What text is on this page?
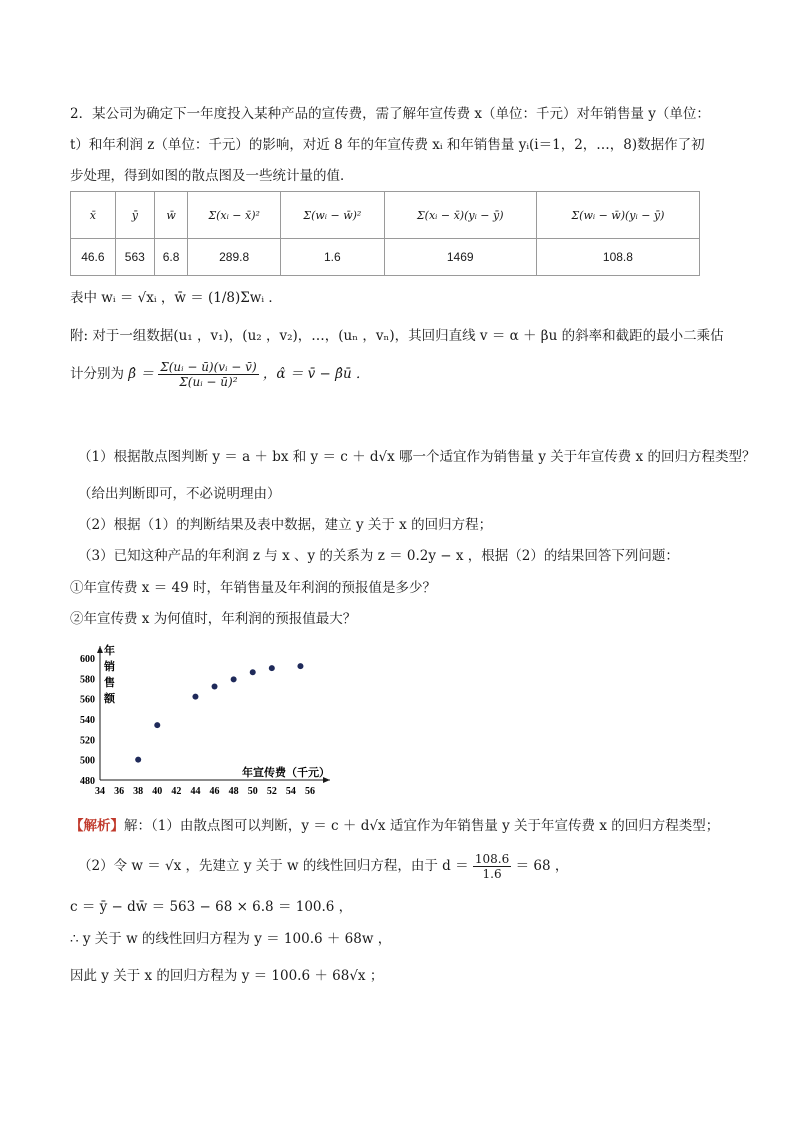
2．某公司为确定下一年度投入某种产品的宣传费，需了解年宣传费 x（单位：千元）对年销售量 y（单位：
t）和年利润 z（单位：千元）的影响，对近 8 年的年宣传费 xᵢ 和年销售量 yᵢ(i＝1，2，…，8)数据作了初
步处理，得到如图的散点图及一些统计量的值．
x̄	ȳ	w̄	Σ(xᵢ − x̄)²	Σ(wᵢ − w̄)²	Σ(xᵢ − x̄)(yᵢ − ȳ)	Σ(wᵢ − w̄)(yᵢ − ȳ)
46.6	563	6.8	289.8	1.6	1469	108.8
表中 wᵢ ＝ √xᵢ ，w̄ ＝ (1/8)Σwᵢ ．
附: 对于一组数据(u₁ ，v₁)，(u₂ ，v₂)，…，(uₙ ，vₙ)，其回归直线 v ＝ α ＋ βu 的斜率和截距的最小二乘估
计分别为 β̂ ＝ $\frac{\text{Σ(uᵢ − ū)(vᵢ − v̄)}}{\text{Σ(uᵢ − ū)²}}$ ，α̂ ＝ v̄ − β̂ū ．
（1）根据散点图判断 y ＝ a ＋ bx 和 y ＝ c ＋ d√x 哪一个适宜作为销售量 y 关于年宣传费 x 的回归方程类型？
（给出判断即可，不必说明理由）
（2）根据（1）的判断结果及表中数据，建立 y 关于 x 的回归方程；
（3）已知这种产品的年利润 z 与 x 、y 的关系为 z ＝ 0.2y − x ，根据（2）的结果回答下列问题：
①年宣传费 x ＝ 49 时，年销售量及年利润的预报值是多少？
②年宣传费 x 为何值时，年利润的预报值最大？
480
500
520
540
560
580
600
34 36 38 40 42 44 46 48 50 52 54 56
年销售额
年宣传费（千元）
【解析】解：（1）由散点图可以判断，y ＝ c ＋ d√x 适宜作为年销售量 y 关于年宣传费 x 的回归方程类型；
（2）令 w ＝ √x ，先建立 y 关于 w 的线性回归方程，由于 $d = \frac{108.6}{1.6} = 68$ ，
c ＝ ȳ − dw̄ ＝ 563 − 68 × 6.8 ＝ 100.6 ，
∴ y 关于 w 的线性回归方程为 y ＝ 100.6 ＋ 68w ，
因此 y 关于 x 的回归方程为 y ＝ 100.6 ＋ 68√x ；
